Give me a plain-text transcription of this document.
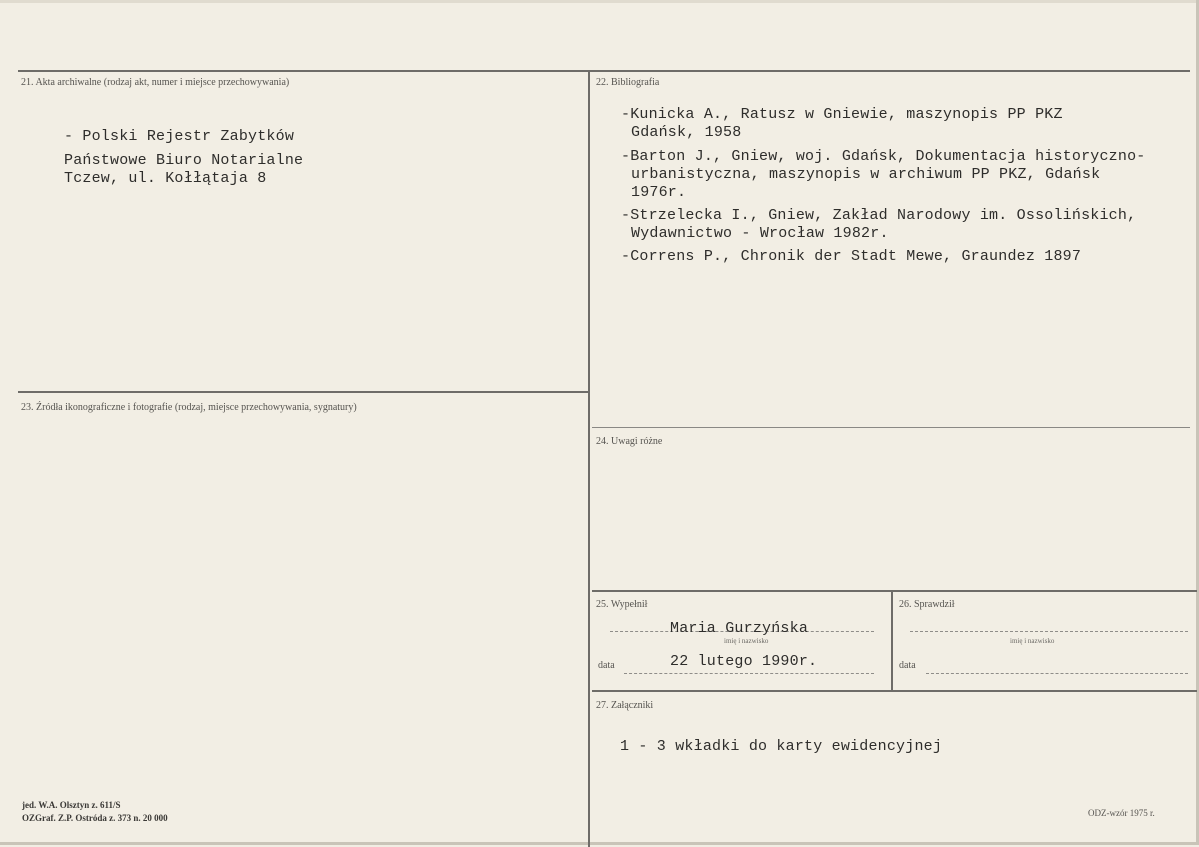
21. Akta archiwalne (rodzaj akt, numer i miejsce przechowywania)
- Polski Rejestr Zabytków
Państwowe Biuro Notarialne
Tczew, ul. Kołłątaja 8
22. Bibliografia
-Kunicka A., Ratusz w Gniewie, maszynopis PP PKZ
Gdańsk, 1958
-Barton J., Gniew, woj. Gdańsk, Dokumentacja historyczno-
urbanistyczna, maszynopis w archiwum PP PKZ, Gdańsk
1976r.
-Strzelecka I., Gniew, Zakład Narodowy im. Ossolińskich,
Wydawnictwo - Wrocław 1982r.
-Correns P., Chronik der Stadt Mewe, Graundez 1897
23. Źródła ikonograficzne i fotografie (rodzaj, miejsce przechowywania, sygnatury)
24. Uwagi różne
25. Wypełnił
Maria Gurzyńska
imię i nazwisko
data	22 lutego 1990r.
26. Sprawdził
imię i nazwisko
data
27. Załączniki
1 - 3 wkładki do karty ewidencyjnej
jed. W.A. Olsztyn z. 611/S
OZGraf. Z.P. Ostróda z. 373 n. 20 000	ODZ-wzór 1975 r.
